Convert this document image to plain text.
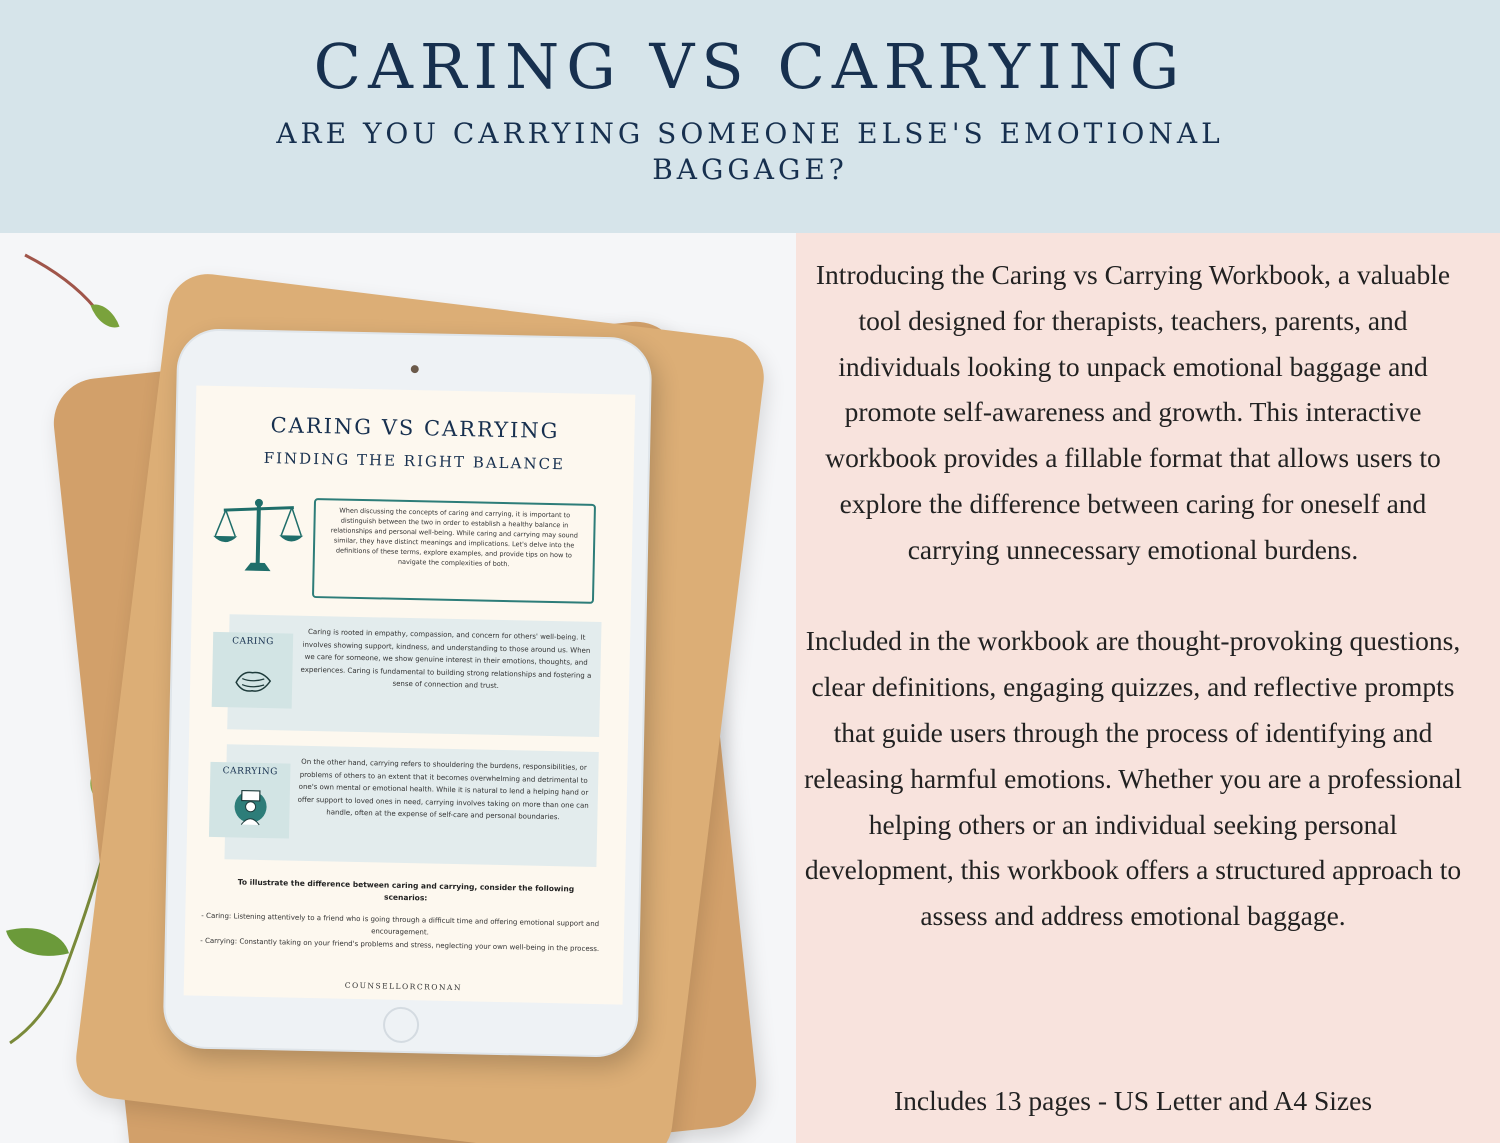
CARING VS CARRYING
ARE YOU CARRYING SOMEONE ELSE'S EMOTIONAL BAGGAGE?
CARING VS CARRYING
FINDING THE RIGHT BALANCE
When discussing the concepts of caring and carrying, it is important to distinguish between the two in order to establish a healthy balance in relationships and personal well-being. While caring and carrying may sound similar, they have distinct meanings and implications. Let's delve into the definitions of these terms, explore examples, and provide tips on how to navigate the complexities of both.
CARING
Caring is rooted in empathy, compassion, and concern for others' well-being. It involves showing support, kindness, and understanding to those around us. When we care for someone, we show genuine interest in their emotions, thoughts, and experiences. Caring is fundamental to building strong relationships and fostering a sense of connection and trust.
CARRYING	On the other hand, carrying refers to shouldering the burdens, responsibilities, or problems of others to an extent that it becomes overwhelming and detrimental to one's own mental or emotional health. While it is natural to lend a helping hand or offer support to loved ones in need, carrying involves taking on more than one can handle, often at the expense of self-care and personal boundaries.
To illustrate the difference between caring and carrying, consider the following scenarios:

- Caring: Listening attentively to a friend who is going through a difficult time and offering emotional support and encouragement.

- Carrying: Constantly taking on your friend's problems and stress, neglecting your own well-being in the process.

COUNSELLORCRONAN

Introducing the Caring vs Carrying Workbook, a valuable tool designed for therapists, teachers, parents, and individuals looking to unpack emotional baggage and promote self-awareness and growth. This interactive workbook provides a fillable format that allows users to explore the difference between caring for oneself and carrying unnecessary emotional burdens.

Included in the workbook are thought-provoking questions, clear definitions, engaging quizzes, and reflective prompts that guide users through the process of identifying and releasing harmful emotions. Whether you are a professional helping others or an individual seeking personal development, this workbook offers a structured approach to assess and address emotional baggage.

Includes 13 pages - US Letter and A4 Sizes
